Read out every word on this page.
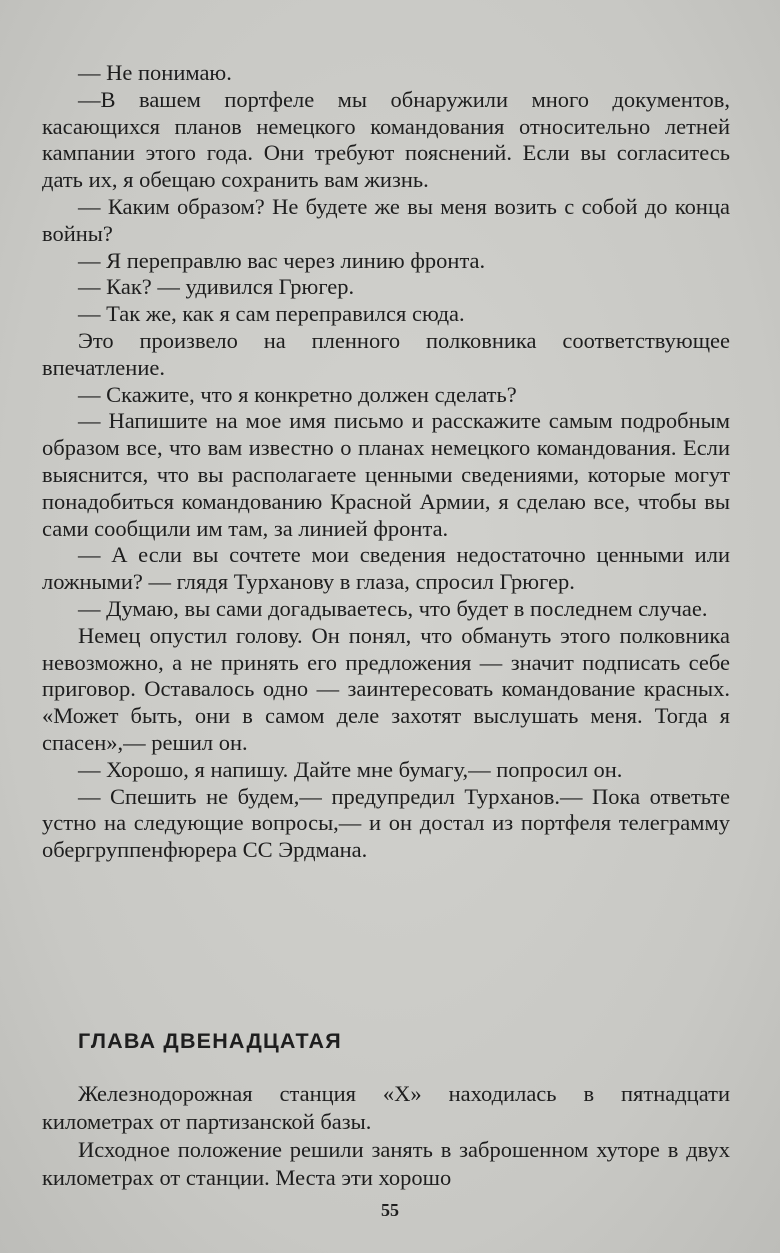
— Не понимаю.

—В вашем портфеле мы обнаружили много документов, касающихся планов немецкого командования относительно летней кампании этого года. Они требуют пояснений. Если вы согласитесь дать их, я обещаю сохранить вам жизнь.

— Каким образом? Не будете же вы меня возить с собой до конца войны?

— Я переправлю вас через линию фронта.

— Как? — удивился Грюгер.

— Так же, как я сам переправился сюда.

Это произвело на пленного полковника соответствующее впечатление.

— Скажите, что я конкретно должен сделать?

— Напишите на мое имя письмо и расскажите самым подробным образом все, что вам известно о планах немецкого командования. Если выяснится, что вы располагаете ценными сведениями, которые могут понадобиться командованию Красной Армии, я сделаю все, чтобы вы сами сообщили им там, за линией фронта.

— А если вы сочтете мои сведения недостаточно ценными или ложными? — глядя Турханову в глаза, спросил Грюгер.

— Думаю, вы сами догадываетесь, что будет в последнем случае.

Немец опустил голову. Он понял, что обмануть этого полковника невозможно, а не принять его предложения — значит подписать себе приговор. Оставалось одно — заинтересовать командование красных. «Может быть, они в самом деле захотят выслушать меня. Тогда я спасен»,— решил он.

— Хорошо, я напишу. Дайте мне бумагу,— попросил он.

— Спешить не будем,— предупредил Турханов.— Пока ответьте устно на следующие вопросы,— и он достал из портфеля телеграмму обергруппенфюрера СС Эрдмана.

ГЛАВА ДВЕНАДЦАТАЯ

Железнодорожная станция «Х» находилась в пятнадцати километрах от партизанской базы.

Исходное положение решили занять в заброшенном хуторе в двух километрах от станции. Места эти хорошо

55
